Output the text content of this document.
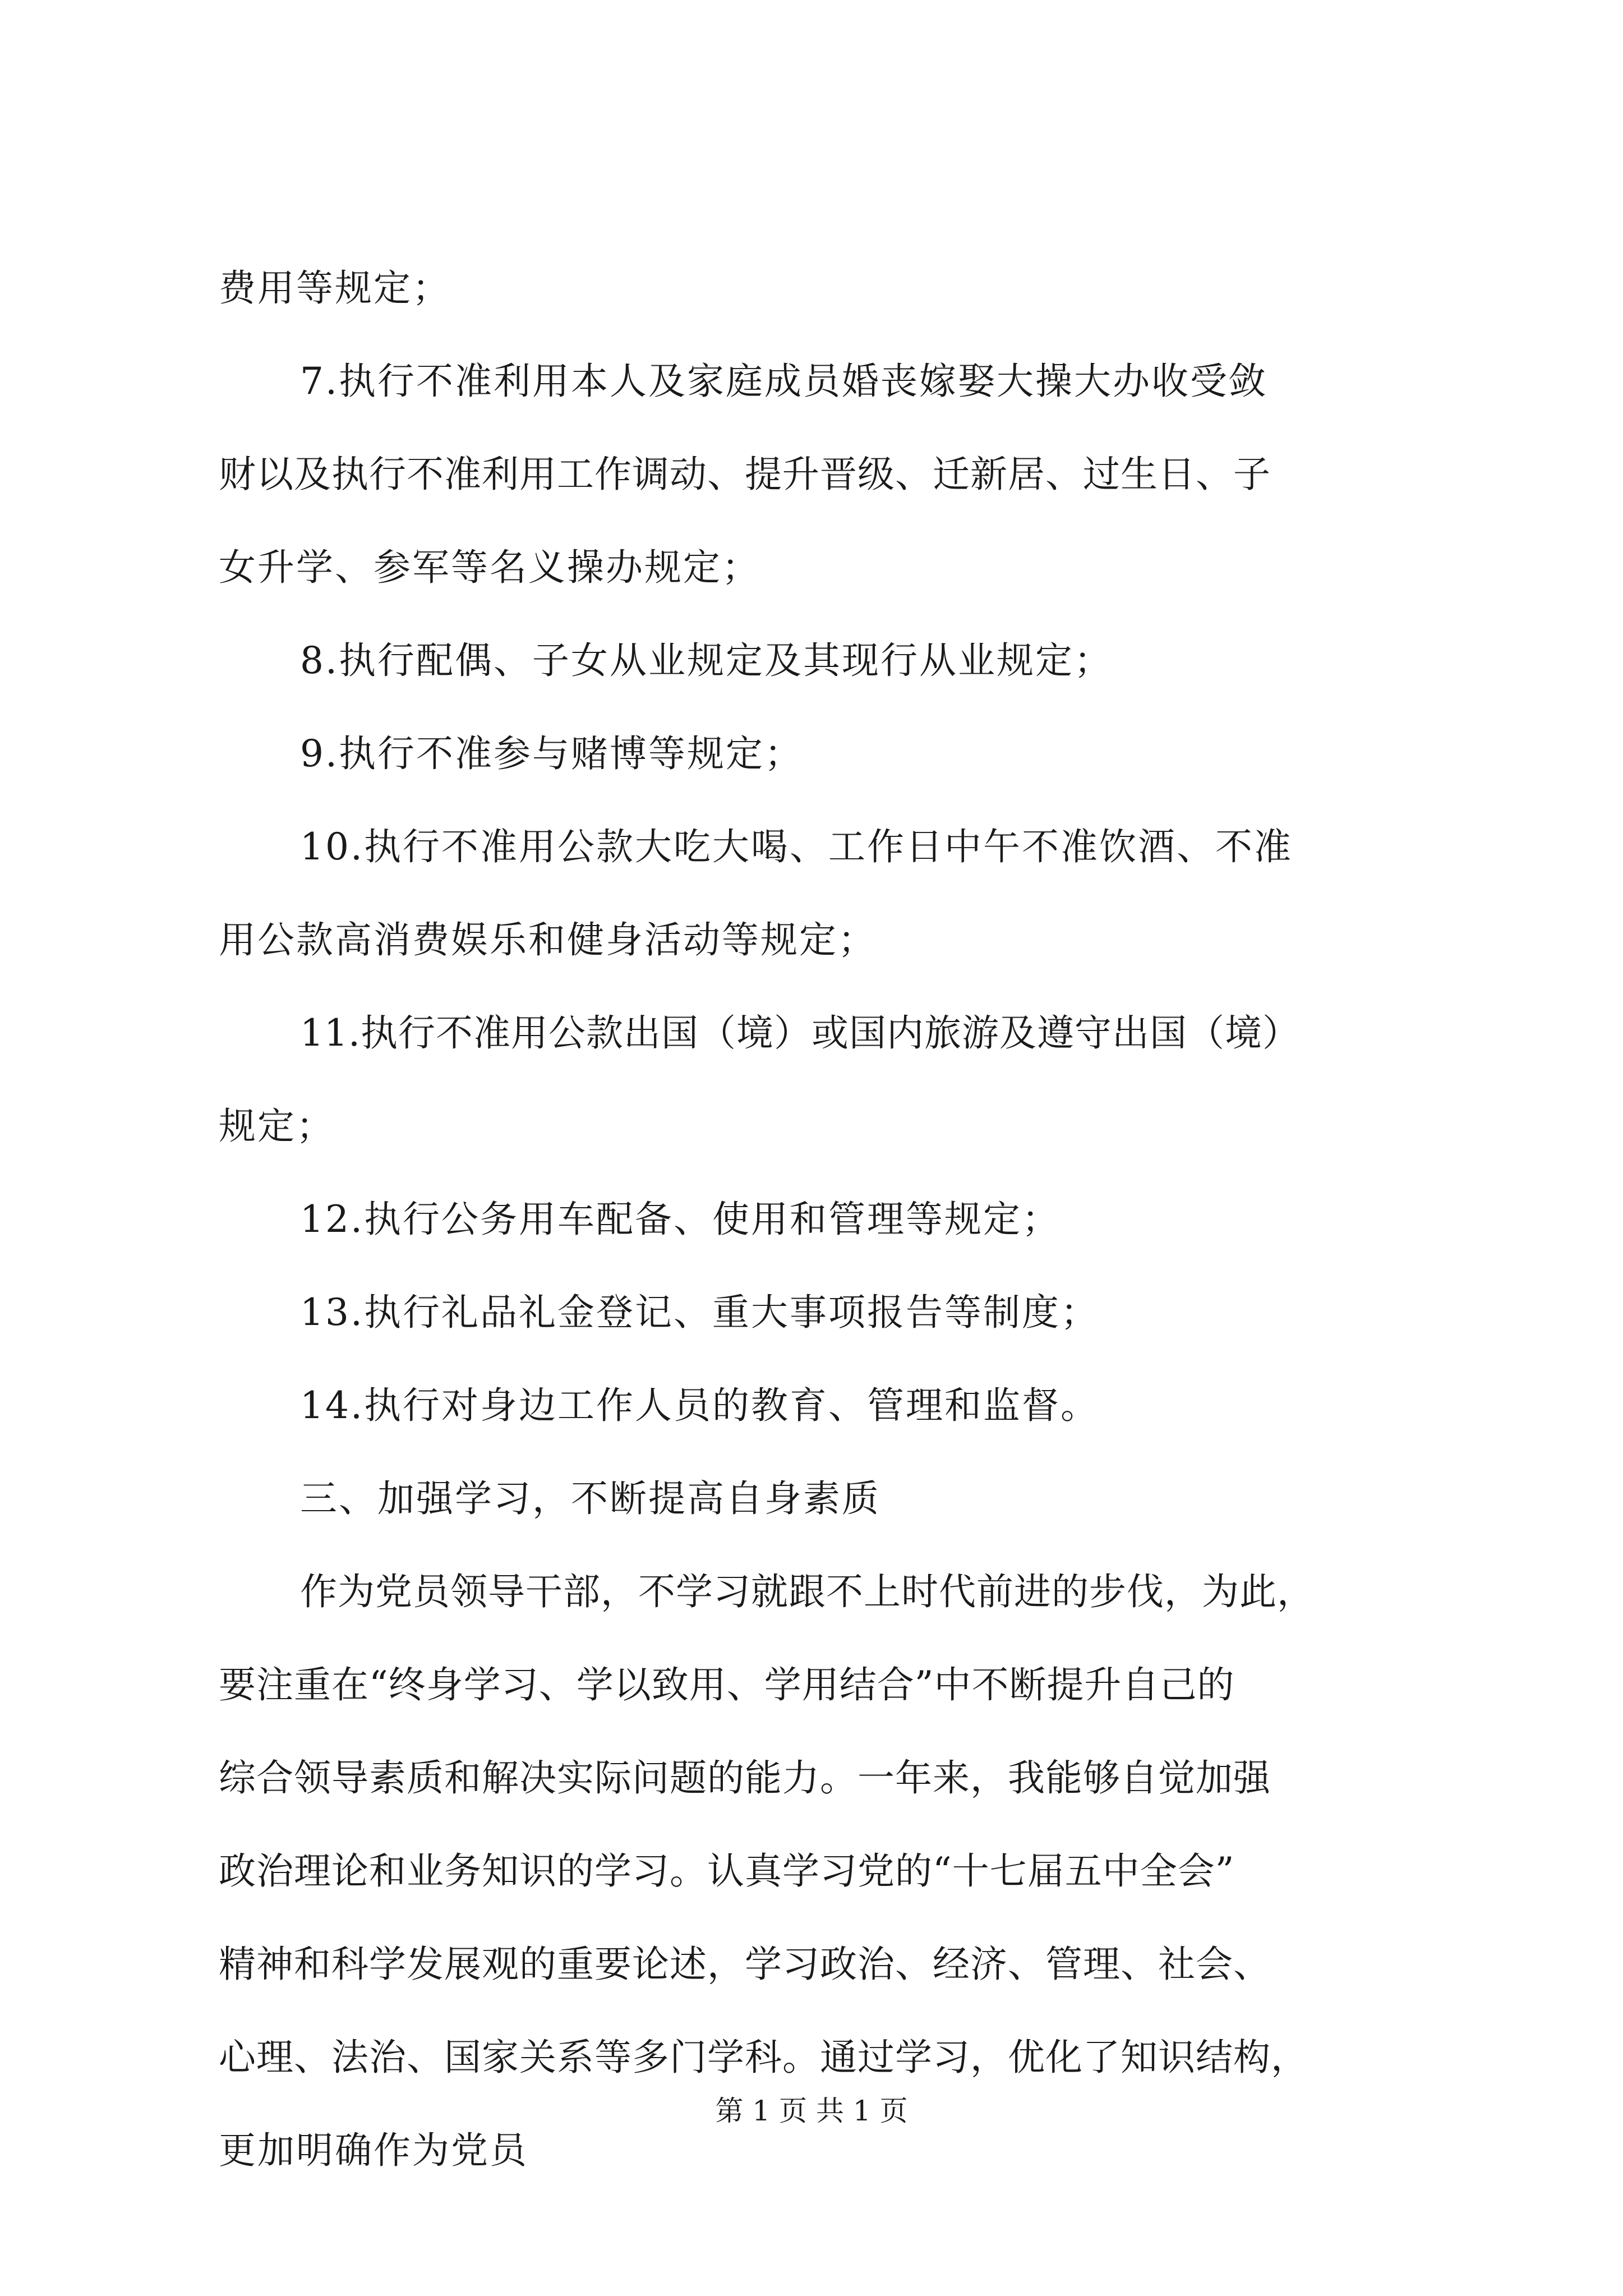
费用等规定；
7.执行不准利用本人及家庭成员婚丧嫁娶大操大办收受敛
财以及执行不准利用工作调动、提升晋级、迁新居、过生日、子
女升学、参军等名义操办规定；
8.执行配偶、子女从业规定及其现行从业规定；
9.执行不准参与赌博等规定；
10.执行不准用公款大吃大喝、工作日中午不准饮酒、不准
用公款高消费娱乐和健身活动等规定；
11.执行不准用公款出国（境）或国内旅游及遵守出国（境）
规定；
12.执行公务用车配备、使用和管理等规定；
13.执行礼品礼金登记、重大事项报告等制度；
14.执行对身边工作人员的教育、管理和监督。
三、加强学习，不断提高自身素质
作为党员领导干部，不学习就跟不上时代前进的步伐，为此，
要注重在“终身学习、学以致用、学用结合”中不断提升自己的
综合领导素质和解决实际问题的能力。一年来，我能够自觉加强
政治理论和业务知识的学习。认真学习党的“十七届五中全会”
精神和科学发展观的重要论述，学习政治、经济、管理、社会、
心理、法治、国家关系等多门学科。通过学习，优化了知识结构，
更加明确作为党员
第 1 页 共 1 页
